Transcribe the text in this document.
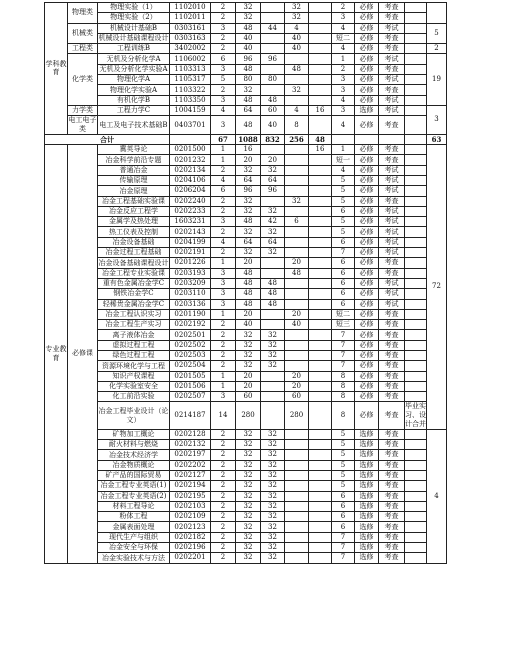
学科教育	物理类	物理实验（1）	1102010	2	32		32		2	必修	考查		
		物理实验（2）	1102011	2	32		32		3	必修	考查		
	机械类	机械设计基础B	0303161	3	48	44	4		4	必修	考试		5
		机械设计基础课程设计	0303163	2	40		40		短二	必修	考查		
	工程类	工程训练B	3402002	2	40		40		4	必修	考查		2
	化学类	无机及分析化学A	1106002	6	96	96			1	必修	考试		19
		无机及分析化学实验A	1103313	3	48		48		2	必修	考查		
		物理化学A	1105317	5	80	80			3	必修	考试		
		物理化学实验A	1103322	2	32		32		3	必修	考查		
		有机化学B	1103350	3	48	48			4	必修	考试		
	力学类	工程力学C	1004159	4	64	60	4	16	3	选修	考试		3
	电工电子类	电工及电子技术基础B	0403701	3	48	40	8		4	必修	考查		
合计				67	1088	832	256	48					63
专业教育	必修课	冀英导论	0201500	1	16			16	1	必修	考查		72
		冶金科学前沿专题	0201232	1	20	20			短一	必修	考查		
		普通冶金	0202134	2	32	32			4	必修	考试		
		传输原理	0204106	4	64	64			5	必修	考试		
		冶金原理	0206204	6	96	96			5	必修	考试		
		冶金工程基础实验课	0202240	2	32		32		5	必修	考查		
		冶金反应工程学	0202233	2	32	32			6	必修	考试		
		金属学及热处理	1603231	3	48	42	6		5	必修	考试		
		热工仪表及控制	0202143	2	32	32			5	必修	考试		
		冶金设备基础	0204199	4	64	64			6	必修	考试		
		冶金过程工程基础	0202191	2	32	32			7	必修	考试		
		冶金设备基础课程设计	0201226	1	20		20		6	必修	考查		
		冶金工程专业实验课	0203193	3	48		48		6	必修	考查		
		重有色金属冶金学C	0203209	3	48	48			6	必修	考试		
		钢铁冶金学C	0203110	3	48	48			6	必修	考试		
		轻稀贵金属冶金学C	0203136	3	48	48			6	必修	考试		
		冶金工程认识实习	0201190	1	20		20		短二	必修	考查		
		冶金工程生产实习	0202192	2	40		40		短三	必修	考查		
		离子液体冶金	0202501	2	32	32			7	必修	考查		
		虚拟过程工程	0202502	2	32	32			7	必修	考查		
		绿色过程工程	0202503	2	32	32			7	必修	考查		
		资源环境化学与工程	0202504	2	32	32			7	必修	考查		
		知识产权课程	0201505	1	20		20		8	必修	考查		
		化学实验室安全	0201506	1	20		20		8	必修	考查		
		化工前沿实验	0202507	3	60		60		8	必修	考查		
		冶金工程毕业设计（论文）	0214187	14	280		280		8	必修	考查	毕业实习、设计合并	
		矿物加工概论	0202128	2	32	32			5	选修	考查		4
		耐火材料与燃烧	0202132	2	32	32			5	选修	考查		
		冶金技术经济学	0202197	2	32	32			5	选修	考查		
		冶金物质概论	0202202	2	32	32			5	选修	考查		
		矿产品的国际贸易	0202127	2	32	32			5	选修	考查		
		冶金工程专业英语(1)	0202194	2	32	32			5	选修	考查		
		冶金工程专业英语(2)	0202195	2	32	32			6	选修	考查		
		材料工程导论	0202103	2	32	32			6	选修	考查		
		粉体工程	0202109	2	32	32			6	选修	考查		
		金属表面处理	0202123	2	32	32			6	选修	考查		
		现代生产与组织	0202182	2	32	32			7	选修	考查		
		冶金安全与环保	0202196	2	32	32			7	选修	考查		
		冶金实验技术与方法	0202201	2	32	32			7	选修	考查		
